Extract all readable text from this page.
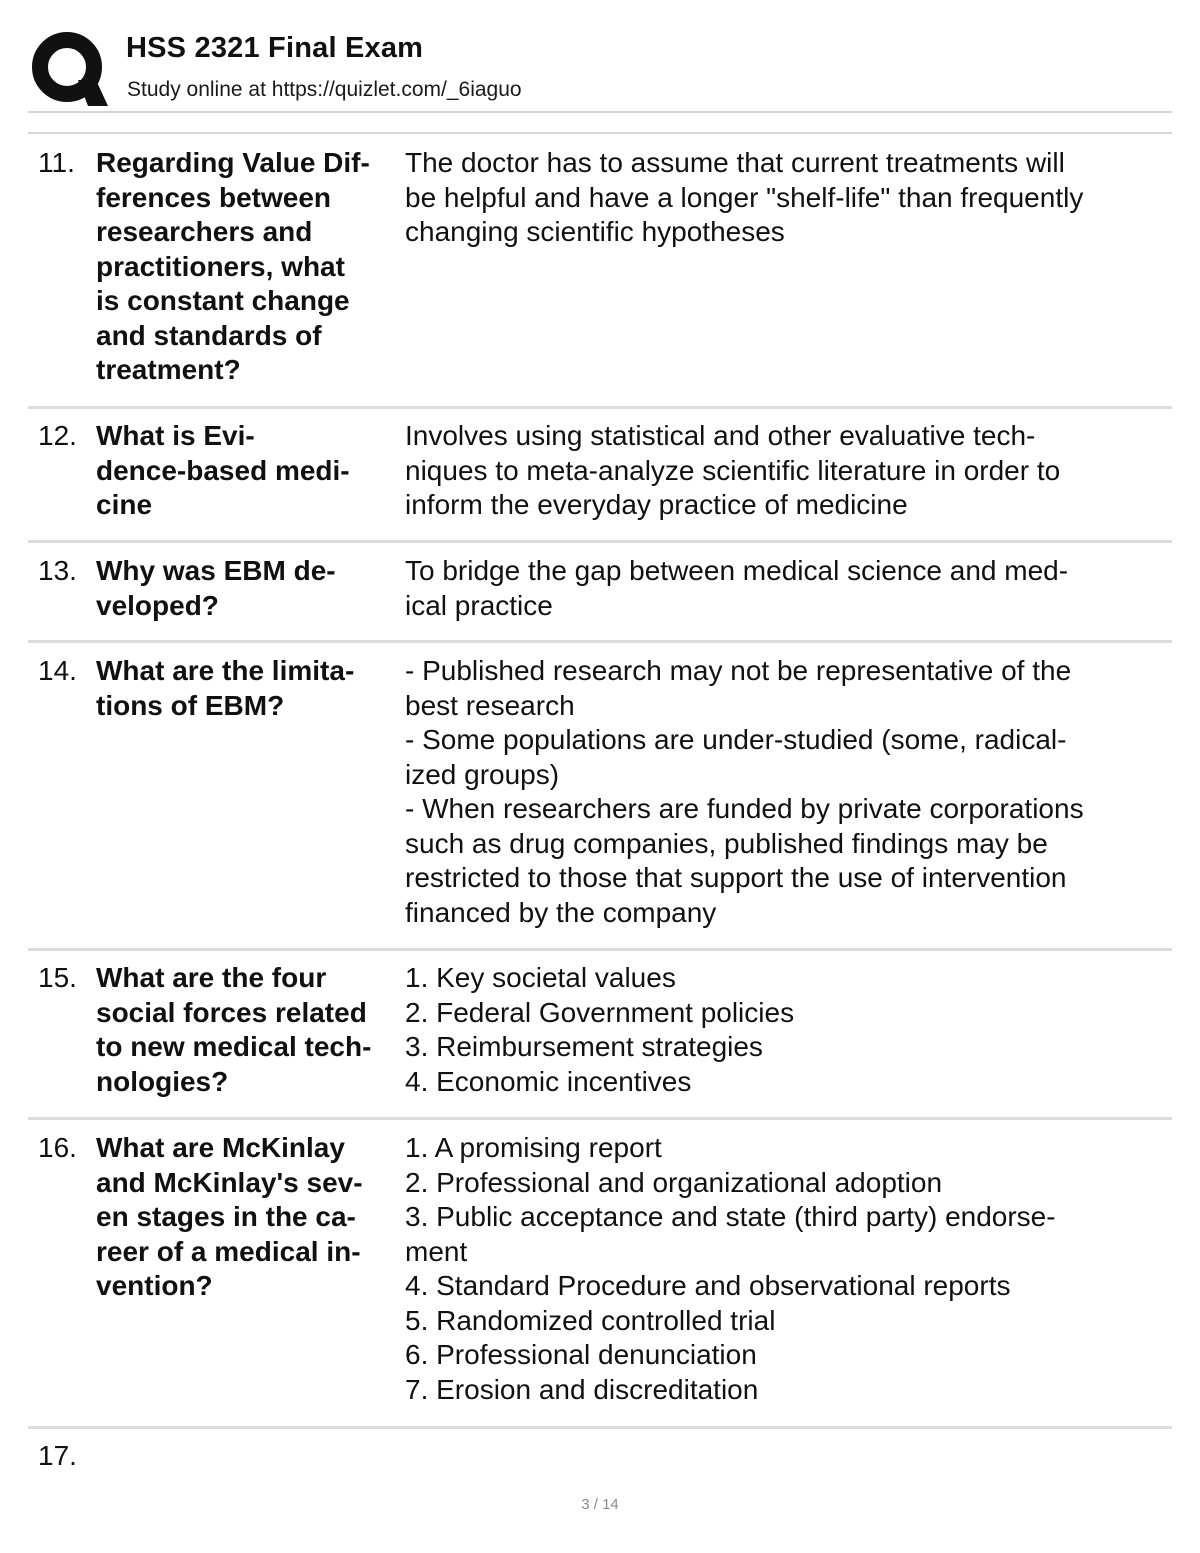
HSS 2321 Final Exam
Study online at https://quizlet.com/_6iaguo
11. Regarding Value Dif-
ferences between
researchers and
practitioners, what
is constant change
and standards of
treatment?
The doctor has to assume that current treatments will
be helpful and have a longer "shelf-life" than frequently
changing scientific hypotheses
12. What is Evi-
dence-based medi-
cine
Involves using statistical and other evaluative tech-
niques to meta-analyze scientific literature in order to
inform the everyday practice of medicine
13. Why was EBM de-
veloped?
To bridge the gap between medical science and med-
ical practice
14. What are the limita-
tions of EBM?
- Published research may not be representative of the
best research
- Some populations are under-studied (some, radical-
ized groups)
- When researchers are funded by private corporations
such as drug companies, published findings may be
restricted to those that support the use of intervention
financed by the company
15. What are the four
social forces related
to new medical tech-
nologies?
1. Key societal values
2. Federal Government policies
3. Reimbursement strategies
4. Economic incentives
16. What are McKinlay
and McKinlay's sev-
en stages in the ca-
reer of a medical in-
vention?
1. A promising report
2. Professional and organizational adoption
3. Public acceptance and state (third party) endorse-
ment
4. Standard Procedure and observational reports
5. Randomized controlled trial
6. Professional denunciation
7. Erosion and discreditation
17.
3 / 14
